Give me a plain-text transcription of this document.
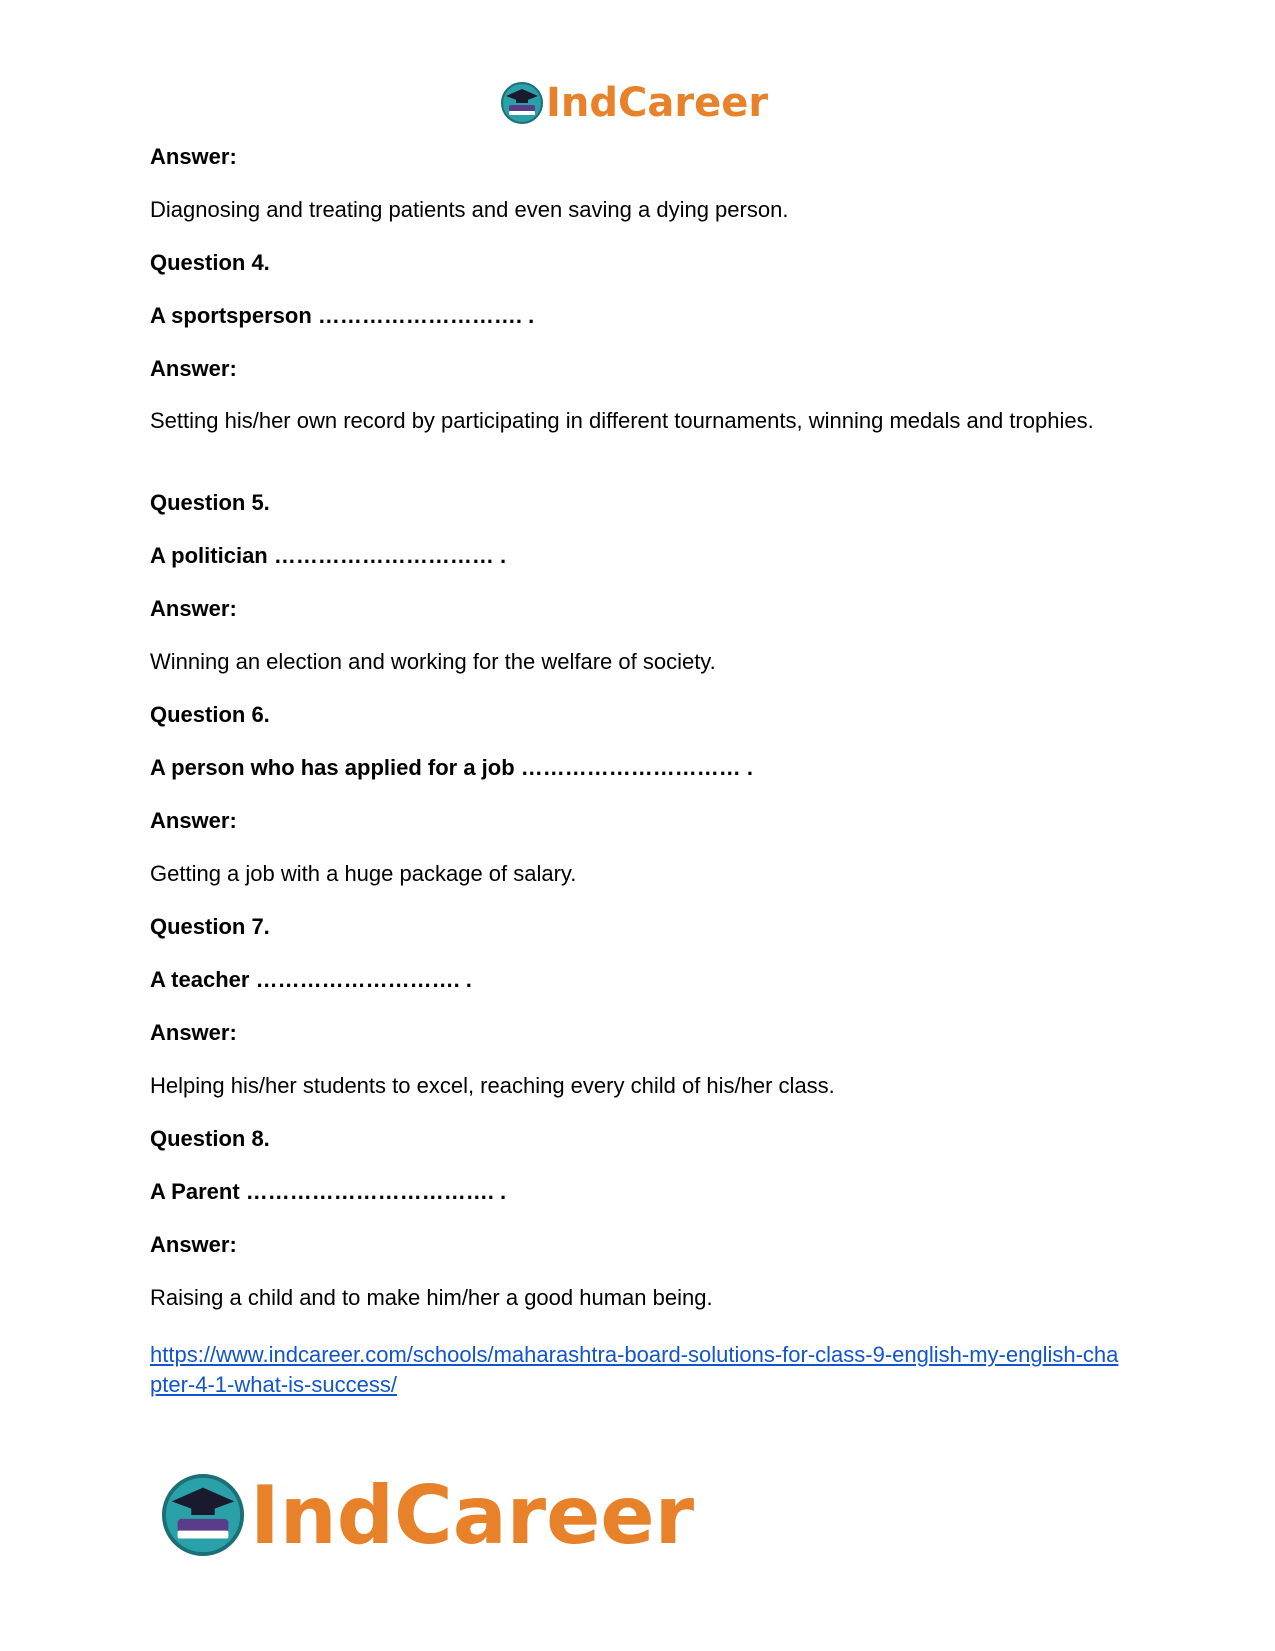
IndCareer
Answer:
Diagnosing and treating patients and even saving a dying person.
Question 4.
A sportsperson ………………………. .
Answer:
Setting his/her own record by participating in different tournaments, winning medals and trophies.
Question 5.
A politician ………………………… .
Answer:
Winning an election and working for the welfare of society.
Question 6.
A person who has applied for a job ………………………… .
Answer:
Getting a job with a huge package of salary.
Question 7.
A teacher ………………………. .
Answer:
Helping his/her students to excel, reaching every child of his/her class.
Question 8.
A Parent ……………………………. .
Answer:
Raising a child and to make him/her a good human being.
https://www.indcareer.com/schools/maharashtra-board-solutions-for-class-9-english-my-english-chapter-4-1-what-is-success/
IndCareer
